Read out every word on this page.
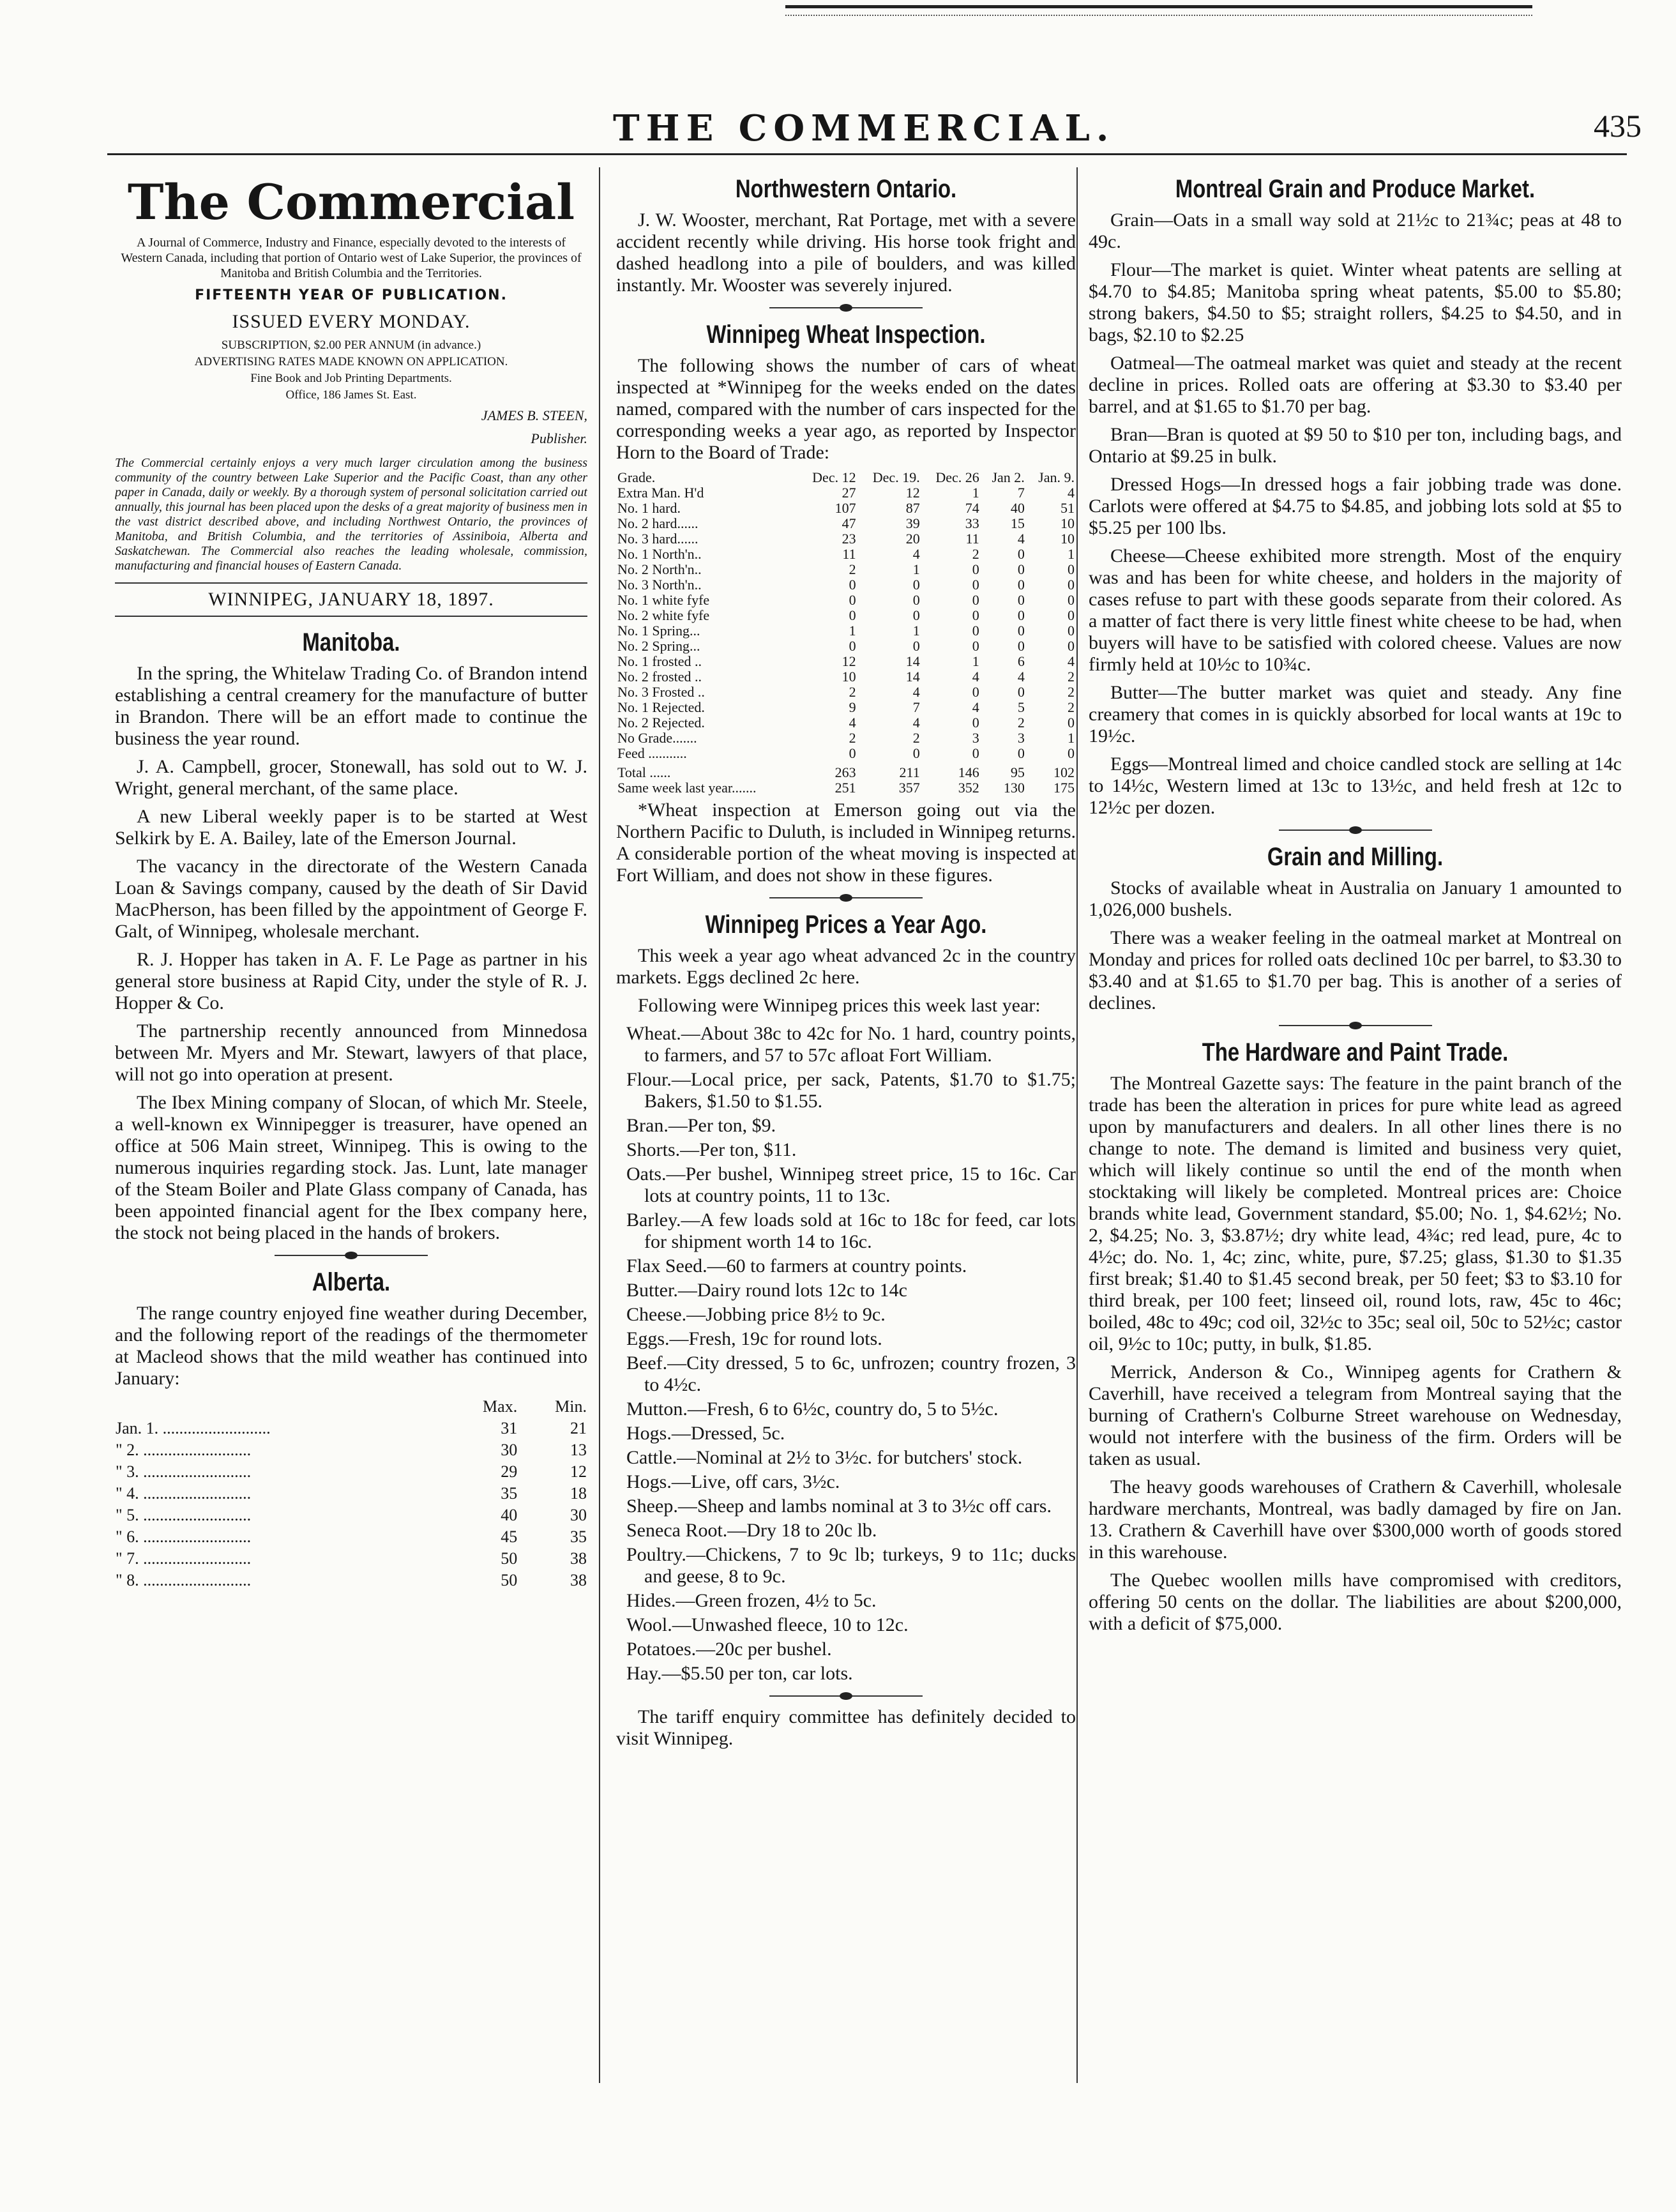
THE COMMERCIAL.	435
The Commercial
A Journal of Commerce, Industry and Finance, especially devoted to the interests of Western Canada, including that portion of Ontario west of Lake Superior, the provinces of Manitoba and British Columbia and the Territories.
FIFTEENTH YEAR OF PUBLICATION.
ISSUED EVERY MONDAY.
SUBSCRIPTION, $2.00 PER ANNUM (in advance.)
ADVERTISING RATES MADE KNOWN ON APPLICATION.
Fine Book and Job Printing Departments.
Office, 186 James St. East.
JAMES B. STEEN,
Publisher.
The Commercial certainly enjoys a very much larger circulation among the business community of the country between Lake Superior and the Pacific Coast, than any other paper in Canada, daily or weekly. By a thorough system of personal solicitation carried out annually, this journal has been placed upon the desks of a great majority of business men in the vast district described above, and including Northwest Ontario, the provinces of Manitoba, and British Columbia, and the territories of Assiniboia, Alberta and Saskatchewan. The Commercial also reaches the leading wholesale, commission, manufacturing and financial houses of Eastern Canada.
WINNIPEG, JANUARY 18, 1897.
Manitoba.

In the spring, the Whitelaw Trading Co. of Brandon intend establishing a central creamery for the manufacture of butter in Brandon. There will be an effort made to continue the business the year round.

J. A. Campbell, grocer, Stonewall, has sold out to W. J. Wright, general merchant, of the same place.

A new Liberal weekly paper is to be started at West Selkirk by E. A. Bailey, late of the Emerson Journal.

The vacancy in the directorate of the Western Canada Loan & Savings company, caused by the death of Sir David MacPherson, has been filled by the appointment of George F. Galt, of Winnipeg, wholesale merchant.

R. J. Hopper has taken in A. F. Le Page as partner in his general store business at Rapid City, under the style of R. J. Hopper & Co.

The partnership recently announced from Minnedosa between Mr. Myers and Mr. Stewart, lawyers of that place, will not go into operation at present.

The Ibex Mining company of Slocan, of which Mr. Steele, a well-known ex Winnipegger is treasurer, have opened an office at 506 Main street, Winnipeg. This is owing to the numerous inquiries regarding stock. Jas. Lunt, late manager of the Steam Boiler and Plate Glass company of Canada, has been appointed financial agent for the Ibex company here, the stock not being placed in the hands of brokers.

Alberta.

The range country enjoyed fine weather during December, and the following report of the readings of the thermometer at Macleod shows that the mild weather has continued into January:

	Max.	Min.
Jan. 1. ..........................	31	21
" 2. ..........................	30	13
" 3. ..........................	29	12
" 4. ..........................	35	18
" 5. ..........................	40	30
" 6. ..........................	45	35
" 7. ..........................	50	38
" 8. ..........................	50	38
Northwestern Ontario.

J. W. Wooster, merchant, Rat Portage, met with a severe accident recently while driving. His horse took fright and dashed headlong into a pile of boulders, and was killed instantly. Mr. Wooster was severely injured.

Winnipeg Wheat Inspection.

The following shows the number of cars of wheat inspected at *Winnipeg for the weeks ended on the dates named, compared with the number of cars inspected for the corresponding weeks a year ago, as reported by Inspector Horn to the Board of Trade:

Grade.	Dec. 12	Dec. 19.	Dec. 26	Jan 2.	Jan. 9.
Extra Man. H'd	27	12	1	7	4
No. 1 hard.	107	87	74	40	51
No. 2 hard......	47	39	33	15	10
No. 3 hard......	23	20	11	4	10
No. 1 North'n..	11	4	2	0	1
No. 2 North'n..	2	1	0	0	0
No. 3 North'n..	0	0	0	0	0
No. 1 white fyfe	0	0	0	0	0
No. 2 white fyfe	0	0	0	0	0
No. 1 Spring...	1	1	0	0	0
No. 2 Spring...	0	0	0	0	0
No. 1 frosted ..	12	14	1	6	4
No. 2 frosted ..	10	14	4	4	2
No. 3 Frosted ..	2	4	0	0	2
No. 1 Rejected.	9	7	4	5	2
No. 2 Rejected.	4	4	0	2	0
No Grade.......	2	2	3	3	1
Feed ...........	0	0	0	0	0
Total ......	263	211	146	95	102
Same week last year.......	251	357	352	130	175

*Wheat inspection at Emerson going out via the Northern Pacific to Duluth, is included in Winnipeg returns. A considerable portion of the wheat moving is inspected at Fort William, and does not show in these figures.

Winnipeg Prices a Year Ago.

This week a year ago wheat advanced 2c in the country markets. Eggs declined 2c here.

Following were Winnipeg prices this week last year:

Wheat.—About 38c to 42c for No. 1 hard, country points, to farmers, and 57 to 57c afloat Fort William.

Flour.—Local price, per sack, Patents, $1.70 to $1.75; Bakers, $1.50 to $1.55.

Bran.—Per ton, $9.

Shorts.—Per ton, $11.

Oats.—Per bushel, Winnipeg street price, 15 to 16c. Car lots at country points, 11 to 13c.

Barley.—A few loads sold at 16c to 18c for feed, car lots for shipment worth 14 to 16c.

Flax Seed.—60 to farmers at country points.

Butter.—Dairy round lots 12c to 14c

Cheese.—Jobbing price 8½ to 9c.

Eggs.—Fresh, 19c for round lots.

Beef.—City dressed, 5 to 6c, unfrozen; country frozen, 3 to 4½c.

Mutton.—Fresh, 6 to 6½c, country do, 5 to 5½c.

Hogs.—Dressed, 5c.

Cattle.—Nominal at 2½ to 3½c. for butchers' stock.

Hogs.—Live, off cars, 3½c.

Sheep.—Sheep and lambs nominal at 3 to 3½c off cars.

Seneca Root.—Dry 18 to 20c lb.

Poultry.—Chickens, 7 to 9c lb; turkeys, 9 to 11c; ducks and geese, 8 to 9c.

Hides.—Green frozen, 4½ to 5c.

Wool.—Unwashed fleece, 10 to 12c.

Potatoes.—20c per bushel.

Hay.—$5.50 per ton, car lots.

The tariff enquiry committee has definitely decided to visit Winnipeg.

Montreal Grain and Produce Market.

Grain—Oats in a small way sold at 21½c to 21¾c; peas at 48 to 49c.

Flour—The market is quiet. Winter wheat patents are selling at $4.70 to $4.85; Manitoba spring wheat patents, $5.00 to $5.80; strong bakers, $4.50 to $5; straight rollers, $4.25 to $4.50, and in bags, $2.10 to $2.25

Oatmeal—The oatmeal market was quiet and steady at the recent decline in prices. Rolled oats are offering at $3.30 to $3.40 per barrel, and at $1.65 to $1.70 per bag.

Bran—Bran is quoted at $9 50 to $10 per ton, including bags, and Ontario at $9.25 in bulk.

Dressed Hogs—In dressed hogs a fair jobbing trade was done. Carlots were offered at $4.75 to $4.85, and jobbing lots sold at $5 to $5.25 per 100 lbs.

Cheese—Cheese exhibited more strength. Most of the enquiry was and has been for white cheese, and holders in the majority of cases refuse to part with these goods separate from their colored. As a matter of fact there is very little finest white cheese to be had, when buyers will have to be satisfied with colored cheese. Values are now firmly held at 10½c to 10¾c.

Butter—The butter market was quiet and steady. Any fine creamery that comes in is quickly absorbed for local wants at 19c to 19½c.

Eggs—Montreal limed and choice candled stock are selling at 14c to 14½c, Western limed at 13c to 13½c, and held fresh at 12c to 12½c per dozen.

Grain and Milling.

Stocks of available wheat in Australia on January 1 amounted to 1,026,000 bushels.

There was a weaker feeling in the oatmeal market at Montreal on Monday and prices for rolled oats declined 10c per barrel, to $3.30 to $3.40 and at $1.65 to $1.70 per bag. This is another of a series of declines.

The Hardware and Paint Trade.

The Montreal Gazette says: The feature in the paint branch of the trade has been the alteration in prices for pure white lead as agreed upon by manufacturers and dealers. In all other lines there is no change to note. The demand is limited and business very quiet, which will likely continue so until the end of the month when stocktaking will likely be completed. Montreal prices are: Choice brands white lead, Government standard, $5.00; No. 1, $4.62½; No. 2, $4.25; No. 3, $3.87½; dry white lead, 4¾c; red lead, pure, 4c to 4½c; do. No. 1, 4c; zinc, white, pure, $7.25; glass, $1.30 to $1.35 first break; $1.40 to $1.45 second break, per 50 feet; $3 to $3.10 for third break, per 100 feet; linseed oil, round lots, raw, 45c to 46c; boiled, 48c to 49c; cod oil, 32½c to 35c; seal oil, 50c to 52½c; castor oil, 9½c to 10c; putty, in bulk, $1.85.

Merrick, Anderson & Co., Winnipeg agents for Crathern & Caverhill, have received a telegram from Montreal saying that the burning of Crathern's Colburne Street warehouse on Wednesday, would not interfere with the business of the firm. Orders will be taken as usual.

The heavy goods warehouses of Crathern & Caverhill, wholesale hardware merchants, Montreal, was badly damaged by fire on Jan. 13. Crathern & Caverhill have over $300,000 worth of goods stored in this warehouse.

The Quebec woollen mills have compromised with creditors, offering 50 cents on the dollar. The liabilities are about $200,000, with a deficit of $75,000.
